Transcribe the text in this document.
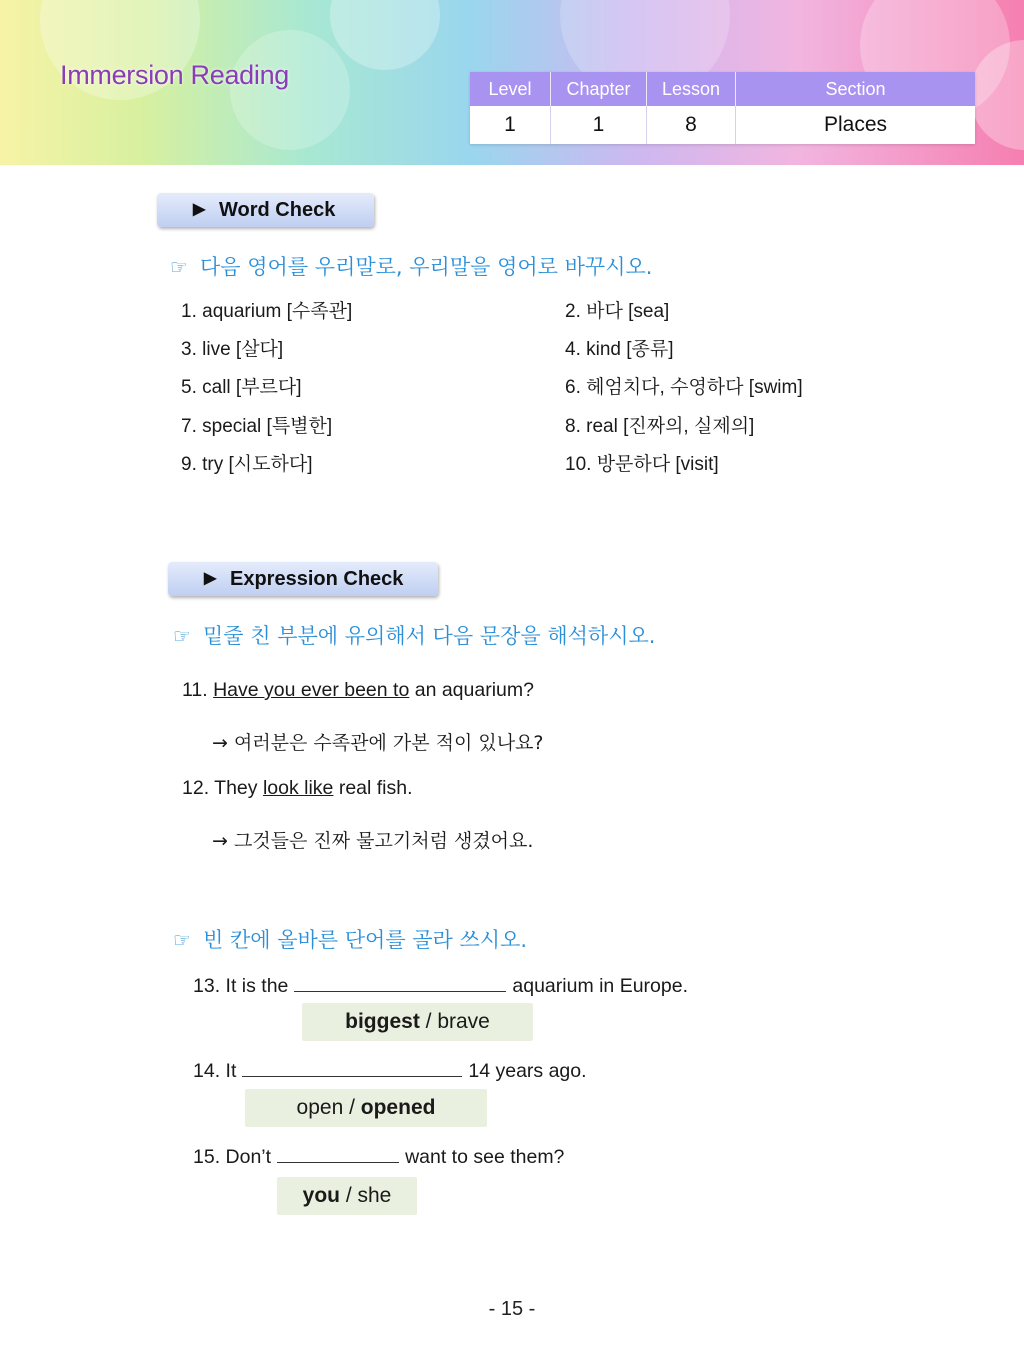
Immersion Reading	Level	Chapter	Lesson	Section
1	1	8	Places
▶ Word Check
☞ 다음 영어를 우리말로, 우리말을 영어로 바꾸시오.
1. aquarium [수족관]	2. 바다 [sea]
3. live [살다]	4. kind [종류]
5. call [부르다]	6. 헤엄치다, 수영하다 [swim]
7. special [특별한]	8. real [진짜의, 실제의]
9. try [시도하다]	10. 방문하다 [visit]
▶ Expression Check
☞ 밑줄 친 부분에 유의해서 다음 문장을 해석하시오.
11. Have you ever been to an aquarium?
→ 여러분은 수족관에 가본 적이 있나요?
12. They look like real fish.
→ 그것들은 진짜 물고기처럼 생겼어요.
☞ 빈 칸에 올바른 단어를 골라 쓰시오.
13. It is the	aquarium in Europe.
biggest / brave
14. It	14 years ago.
open / opened
15. Don’t	want to see them?
you / she
- 15 -
